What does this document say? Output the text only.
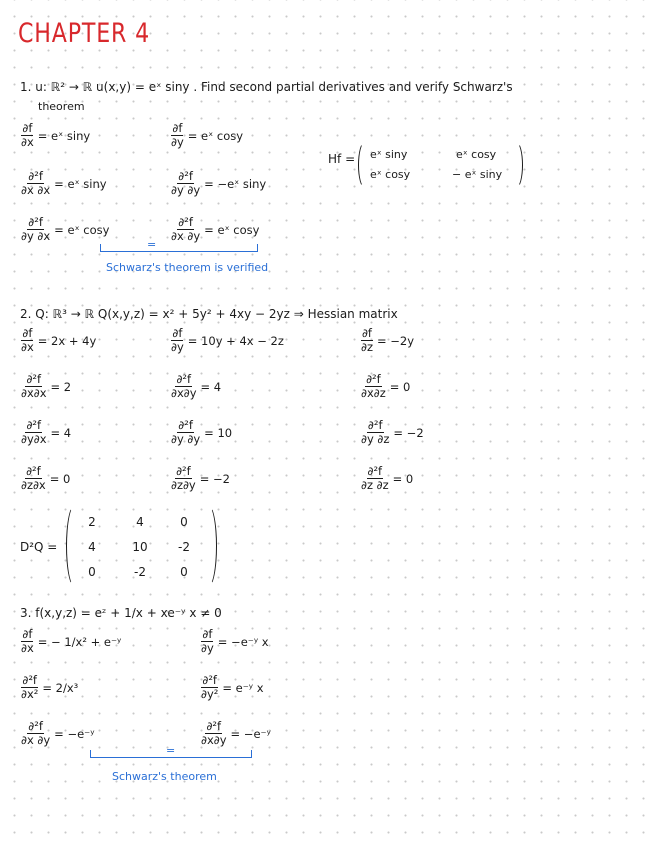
CHAPTER 4
1. u: ℝ² → ℝ u(x,y) = eˣ siny . Find second partial derivatives and verify Schwarz's
theorem
$\frac{\partial f}{\partial x}$ = eˣ siny	$\frac{\partial f}{\partial y}$ = eˣ cosy
$\frac{\text{∂²f}}{\partial x \partial x}$ = eˣ siny	$\frac{\text{∂²f}}{\partial y \partial y}$ = −eˣ siny
$\frac{\text{∂²f}}{\partial y \partial x}$ = eˣ cosy	$\frac{\text{∂²f}}{\partial x \partial y}$ = eˣ cosy
=
Schwarz's theorem is verified
Hf = eˣ siny	eˣ cosy
eˣ cosy	− eˣ siny
2. Q: ℝ³ → ℝ Q(x,y,z) = x² + 5y² + 4xy − 2yz ⇒ Hessian matrix
$\frac{\partial f}{\partial x} = 2x + 4y$	$\frac{\partial f}{\partial y} = 10y + 4x - 2z$	$\frac{\partial f}{\partial z} = -2y$
$\frac{\text{∂²f}}{\partial x\partial x} = 2$	$\frac{\text{∂²f}}{\partial x\partial y} = 4$	$\frac{\text{∂²f}}{\partial x\partial z} = 0$
$\frac{\text{∂²f}}{\partial y\partial x} = 4$	$\frac{\text{∂²f}}{\partial y \partial y} = 10$	$\frac{\text{∂²f}}{\partial y \partial z} = -2$
$\frac{\text{∂²f}}{\partial z\partial x} = 0$	$\frac{\text{∂²f}}{\partial z\partial y} = -2$	$\frac{\text{∂²f}}{\partial z \partial z} = 0$
D²Q =
2	4	0
4	10	-2
0	-2	0
3. f(x,y,z) = eᶻ + 1/x + xe⁻ʸ x ≠ 0
$\frac{\partial f}{\partial x}$ = − 1/x² + e⁻ʸ	$\frac{\partial f}{\partial y}$ = −e⁻ʸ x
$\frac{\text{∂²f}}{\text{∂x²}} = 2/x^3$	$\frac{\text{∂²f}}{\text{∂y²}}$ = e⁻ʸ x
$\frac{\text{∂²f}}{\partial x \partial y}$ = −e⁻ʸ	$\frac{\text{∂²f}}{\partial x\partial y}$ = −e⁻ʸ
=
Schwarz's theorem
